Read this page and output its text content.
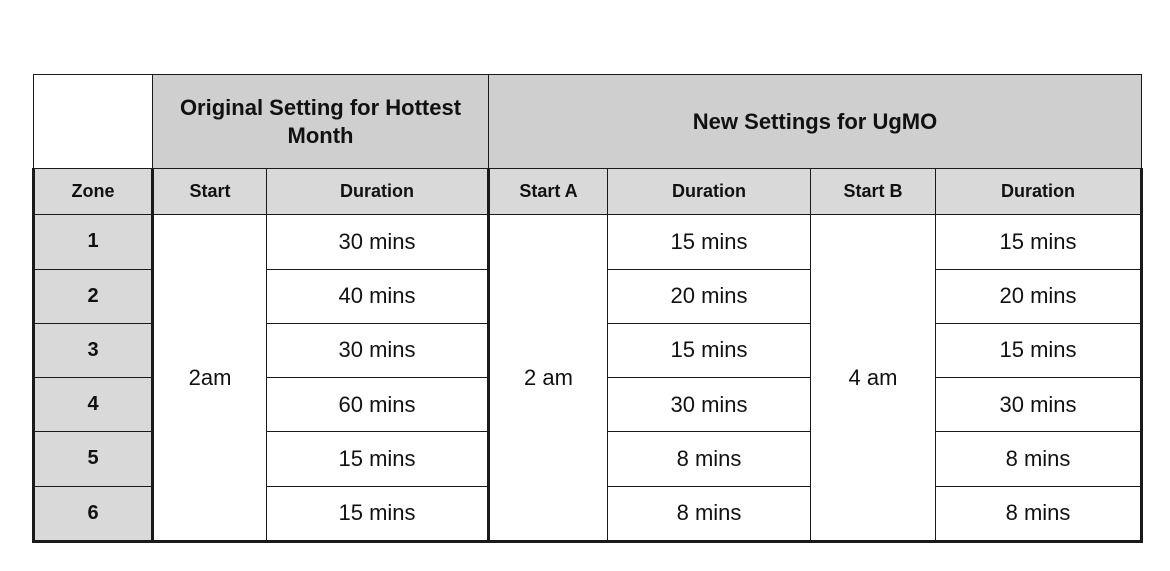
	Original Setting for Hottest Month		New Settings for UgMO			
Zone	Start	Duration	Start A	Duration	Start B	Duration
1	2am	30 mins	2 am	15 mins	4 am	15 mins
2		40 mins		20 mins		20 mins
3		30 mins		15 mins		15 mins
4		60 mins		30 mins		30 mins
5		15 mins		8 mins		8 mins
6		15 mins		8 mins		8 mins
